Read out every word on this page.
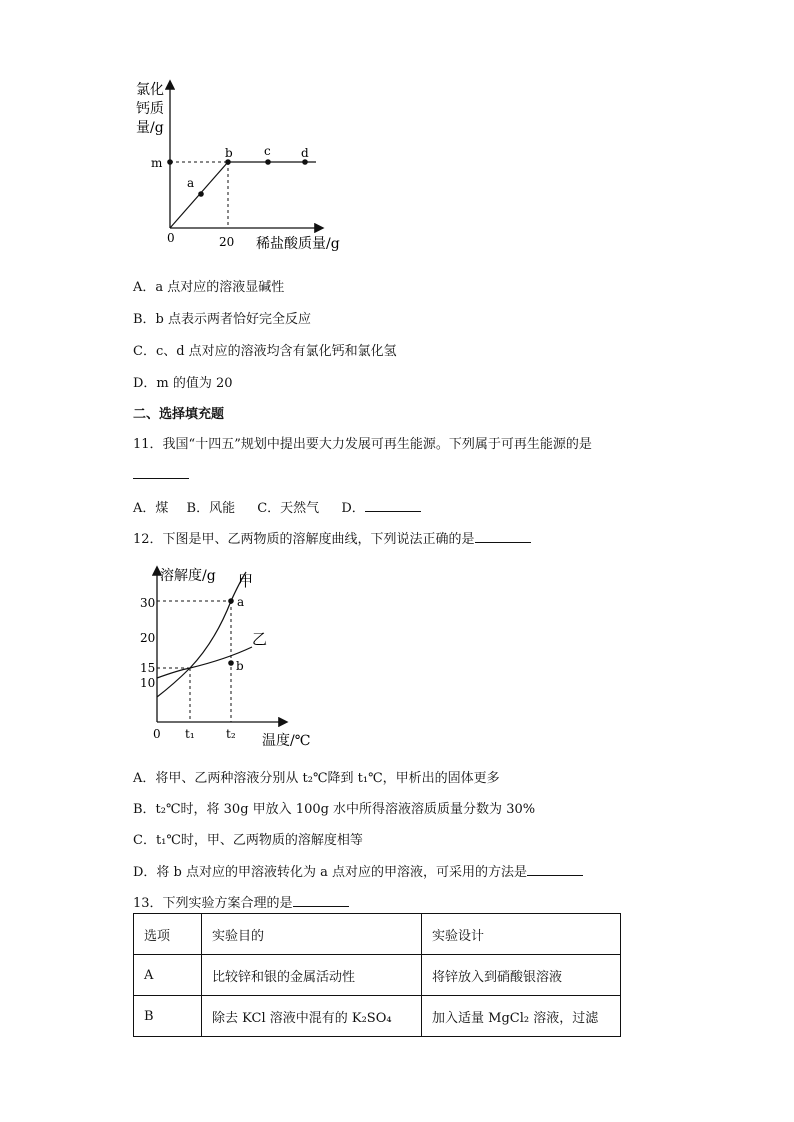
氯化
钙质
量/g
m
0	20 稀盐酸质量/g
a
b	c	d
A．a 点对应的溶液显碱性
B．b 点表示两者恰好完全反应
C．c、d 点对应的溶液均含有氯化钙和氯化氢
D．m 的值为 20
二、选择填充题
11．我国“十四五”规划中提出要大力发展可再生能源。下列属于可再生能源的是
A．煤 B．风能 C．天然气 D．
12．下图是甲、乙两物质的溶解度曲线，下列说法正确的是
溶解度/g
温度/℃
30
20
15
10
0 t₁	t₂
甲
乙
a
b
A．将甲、乙两种溶液分别从 t₂℃降到 t₁℃，甲析出的固体更多
B．t₂℃时，将 30g 甲放入 100g 水中所得溶液溶质质量分数为 30%
C．t₁℃时，甲、乙两物质的溶解度相等
D．将 b 点对应的甲溶液转化为 a 点对应的甲溶液，可采用的方法是
13．下列实验方案合理的是
选项	实验目的	实验设计
A	比较锌和银的金属活动性	将锌放入到硝酸银溶液
B	除去 KCl 溶液中混有的 K₂SO₄	加入适量 MgCl₂ 溶液，过滤
